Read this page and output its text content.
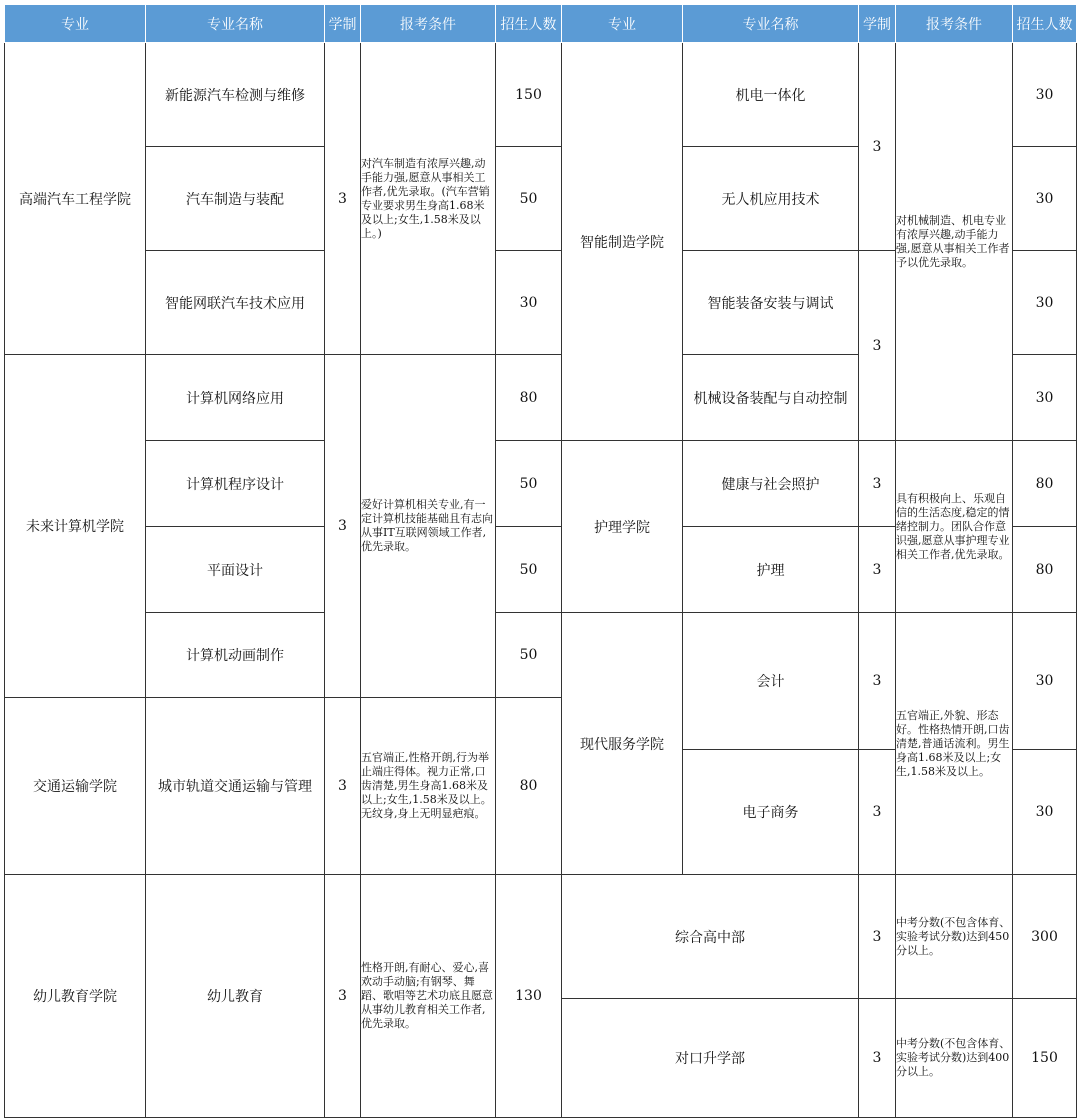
专业	专业名称	学制	报考条件	招生人数	专业	专业名称	学制	报考条件	招生人数
高端汽车工程学院	新能源汽车检测与维修	3	对汽车制造有浓厚兴趣,动手能力强,愿意从事相关工作者,优先录取。(汽车营销专业要求男生身高1.68米及以上;女生,1.58米及以上。)	150	智能制造学院	机电一体化	3	对机械制造、机电专业有浓厚兴趣,动手能力强,愿意从事相关工作者予以优先录取。	30
	汽车制造与装配			50		无人机应用技术			30
	智能网联汽车技术应用			30		智能装备安装与调试	3		30
未来计算机学院	计算机网络应用	3	爱好计算机相关专业,有一定计算机技能基础且有志向从事IT互联网领域工作者,优先录取。	80		机械设备装配与自动控制			30
	计算机程序设计			50	护理学院	健康与社会照护	3	具有积极向上、乐观自信的生活态度,稳定的情绪控制力。团队合作意识强,愿意从事护理专业相关工作者,优先录取。	80
	平面设计			50		护理	3		80
	计算机动画制作			50	现代服务学院	会计	3	五官端正,外貌、形态好。性格热情开朗,口齿清楚,普通话流利。男生身高1.68米及以上;女生,1.58米及以上。	30
交通运输学院	城市轨道交通运输与管理	3	五官端正,性格开朗,行为举止端庄得体。视力正常,口齿清楚,男生身高1.68米及以上;女生,1.58米及以上。无纹身,身上无明显疤痕。	80					
						电子商务	3		30
幼儿教育学院	幼儿教育	3	性格开朗,有耐心、爱心,喜欢动手动脑;有钢琴、舞蹈、歌唱等艺术功底且愿意从事幼儿教育相关工作者,优先录取。	130	综合高中部		3	中考分数(不包含体育、实验考试分数)达到450分以上。	300
					对口升学部		3	中考分数(不包含体育、实验考试分数)达到400分以上。	150
